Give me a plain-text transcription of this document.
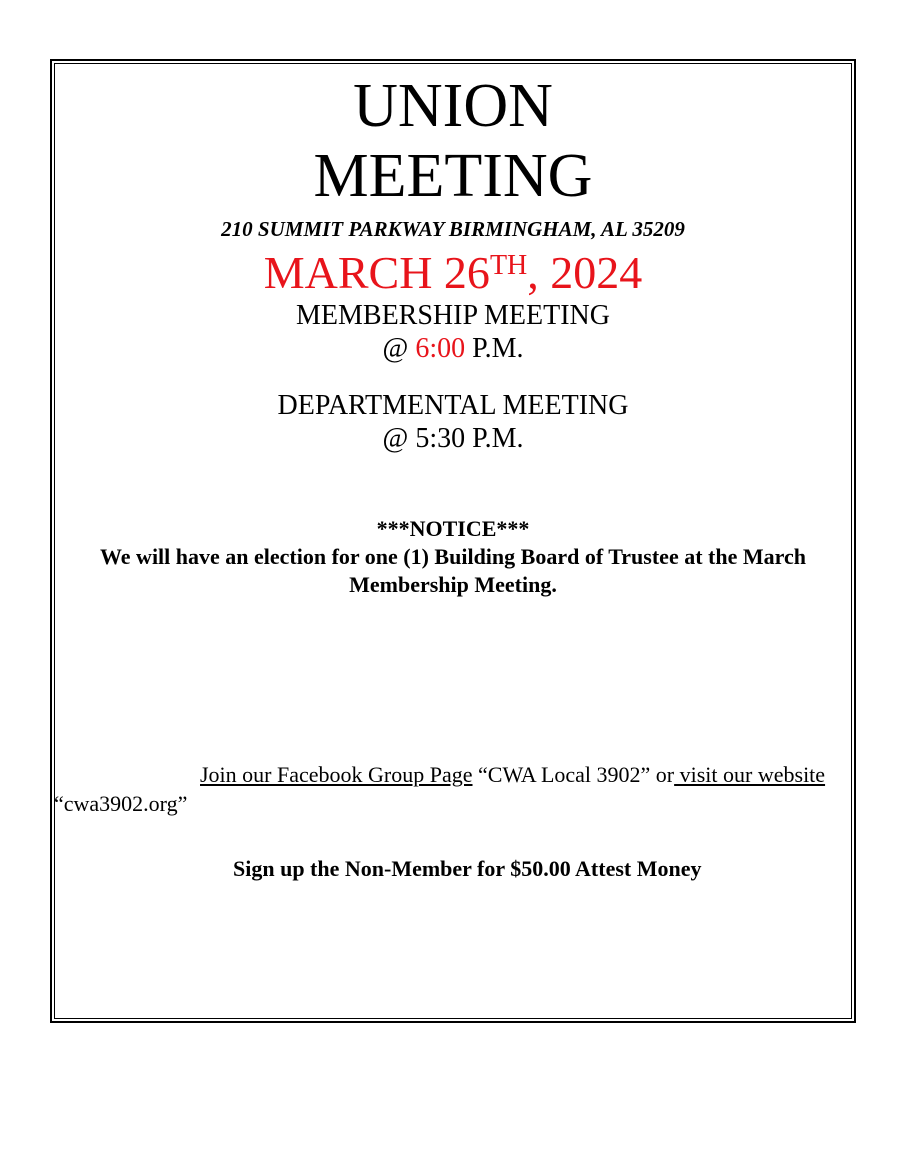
UNION
MEETING
210 SUMMIT PARKWAY BIRMINGHAM, AL 35209
MARCH 26TH, 2024
MEMBERSHIP MEETING
@ 6:00 P.M.
DEPARTMENTAL MEETING
@ 5:30 P.M.
***NOTICE***
We will have an election for one (1) Building Board of Trustee at the March Membership Meeting.
Join our Facebook Group Page “CWA Local 3902” or visit our website “cwa3902.org”
Sign up the Non-Member for $50.00 Attest Money
